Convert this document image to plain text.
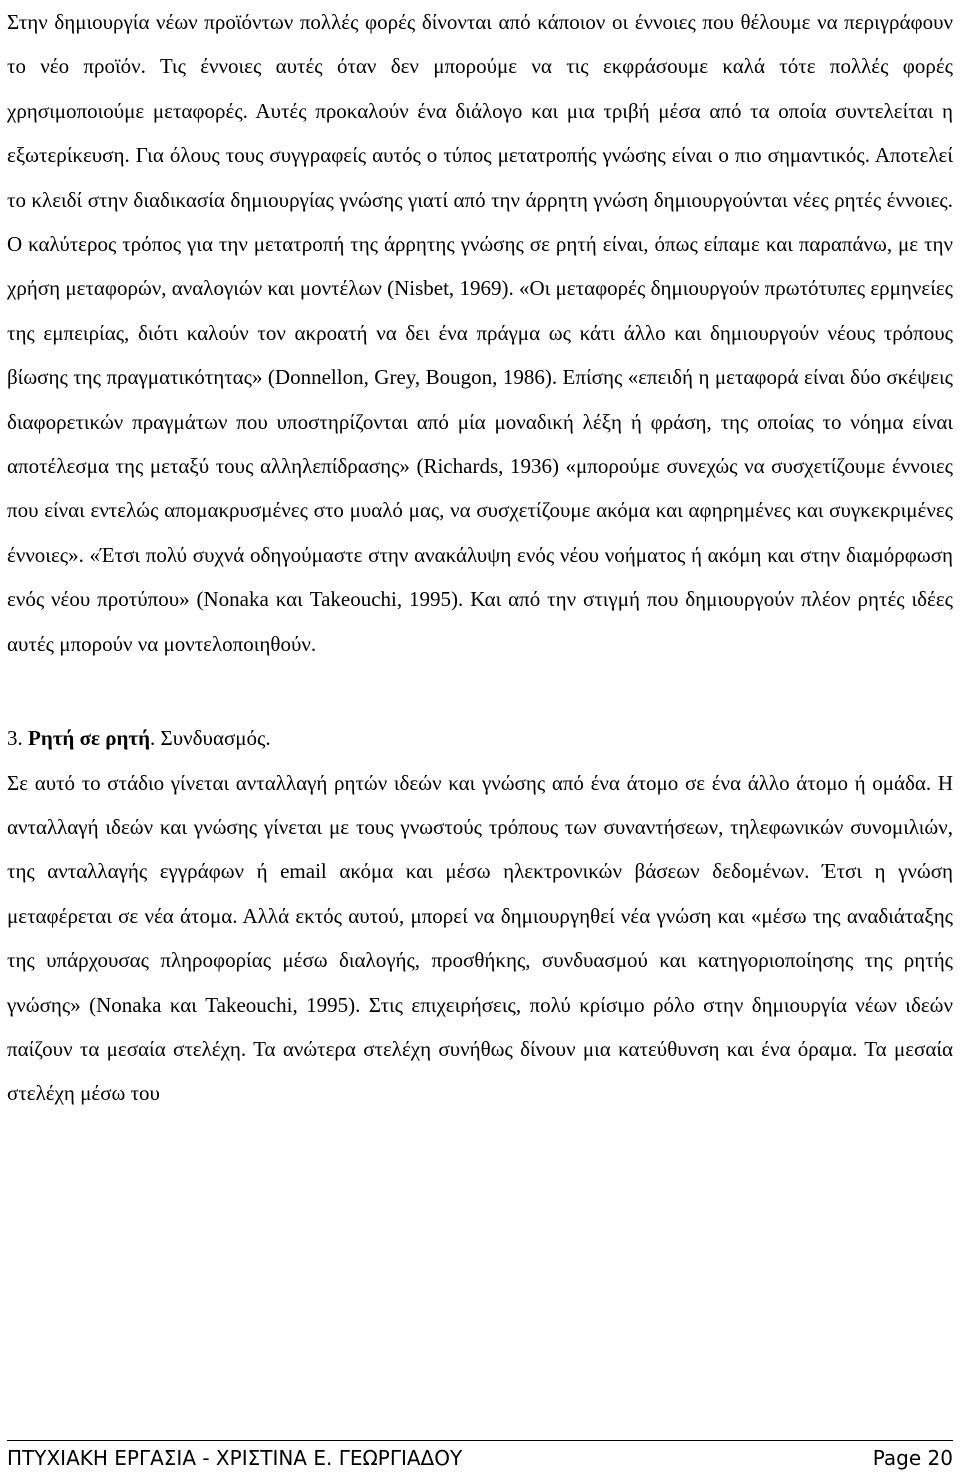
Στην δημιουργία νέων προϊόντων πολλές φορές δίνονται από κάποιον οι έννοιες που θέλουμε να περιγράφουν το νέο προϊόν. Τις έννοιες αυτές όταν δεν μπορούμε να τις εκφράσουμε καλά τότε πολλές φορές χρησιμοποιούμε μεταφορές. Αυτές προκαλούν ένα διάλογο και μια τριβή μέσα από τα οποία συντελείται η εξωτερίκευση. Για όλους τους συγγραφείς αυτός ο τύπος μετατροπής γνώσης είναι ο πιο σημαντικός. Αποτελεί το κλειδί στην διαδικασία δημιουργίας γνώσης γιατί από την άρρητη γνώση δημιουργούνται νέες ρητές έννοιες. Ο καλύτερος τρόπος για την μετατροπή της άρρητης γνώσης σε ρητή είναι, όπως είπαμε και παραπάνω, με την χρήση μεταφορών, αναλογιών και μοντέλων (Nisbet, 1969). «Οι μεταφορές δημιουργούν πρωτότυπες ερμηνείες της εμπειρίας, διότι καλούν τον ακροατή να δει ένα πράγμα ως κάτι άλλο και δημιουργούν νέους τρόπους βίωσης της πραγματικότητας» (Donnellon, Grey, Bougon, 1986). Επίσης «επειδή η μεταφορά είναι δύο σκέψεις διαφορετικών πραγμάτων που υποστηρίζονται από μία μοναδική λέξη ή φράση, της οποίας το νόημα είναι αποτέλεσμα της μεταξύ τους αλληλεπίδρασης» (Richards, 1936) «μπορούμε συνεχώς να συσχετίζουμε έννοιες που είναι εντελώς απομακρυσμένες στο μυαλό μας, να συσχετίζουμε ακόμα και αφηρημένες και συγκεκριμένες έννοιες». «Έτσι πολύ συχνά οδηγούμαστε στην ανακάλυψη ενός νέου νοήματος ή ακόμη και στην διαμόρφωση ενός νέου προτύπου» (Nonaka και Takeouchi, 1995). Και από την στιγμή που δημιουργούν πλέον ρητές ιδέες αυτές μπορούν να μοντελοποιηθούν.

3. Ρητή σε ρητή. Συνδυασμός.

Σε αυτό το στάδιο γίνεται ανταλλαγή ρητών ιδεών και γνώσης από ένα άτομο σε ένα άλλο άτομο ή ομάδα. Η ανταλλαγή ιδεών και γνώσης γίνεται με τους γνωστούς τρόπους των συναντήσεων, τηλεφωνικών συνομιλιών, της ανταλλαγής εγγράφων ή email ακόμα και μέσω ηλεκτρονικών βάσεων δεδομένων. Έτσι η γνώση μεταφέρεται σε νέα άτομα. Αλλά εκτός αυτού, μπορεί να δημιουργηθεί νέα γνώση και «μέσω της αναδιάταξης της υπάρχουσας πληροφορίας μέσω διαλογής, προσθήκης, συνδυασμού και κατηγοριοποίησης της ρητής γνώσης» (Nonaka και Takeouchi, 1995). Στις επιχειρήσεις, πολύ κρίσιμο ρόλο στην δημιουργία νέων ιδεών παίζουν τα μεσαία στελέχη. Τα ανώτερα στελέχη συνήθως δίνουν μια κατεύθυνση και ένα όραμα. Τα μεσαία στελέχη μέσω του

ΠΤΥΧΙΑΚΗ ΕΡΓΑΣΙΑ - ΧΡΙΣΤΙΝΑ Ε. ΓΕΩΡΓΙΑΔΟΥ	Page 20
